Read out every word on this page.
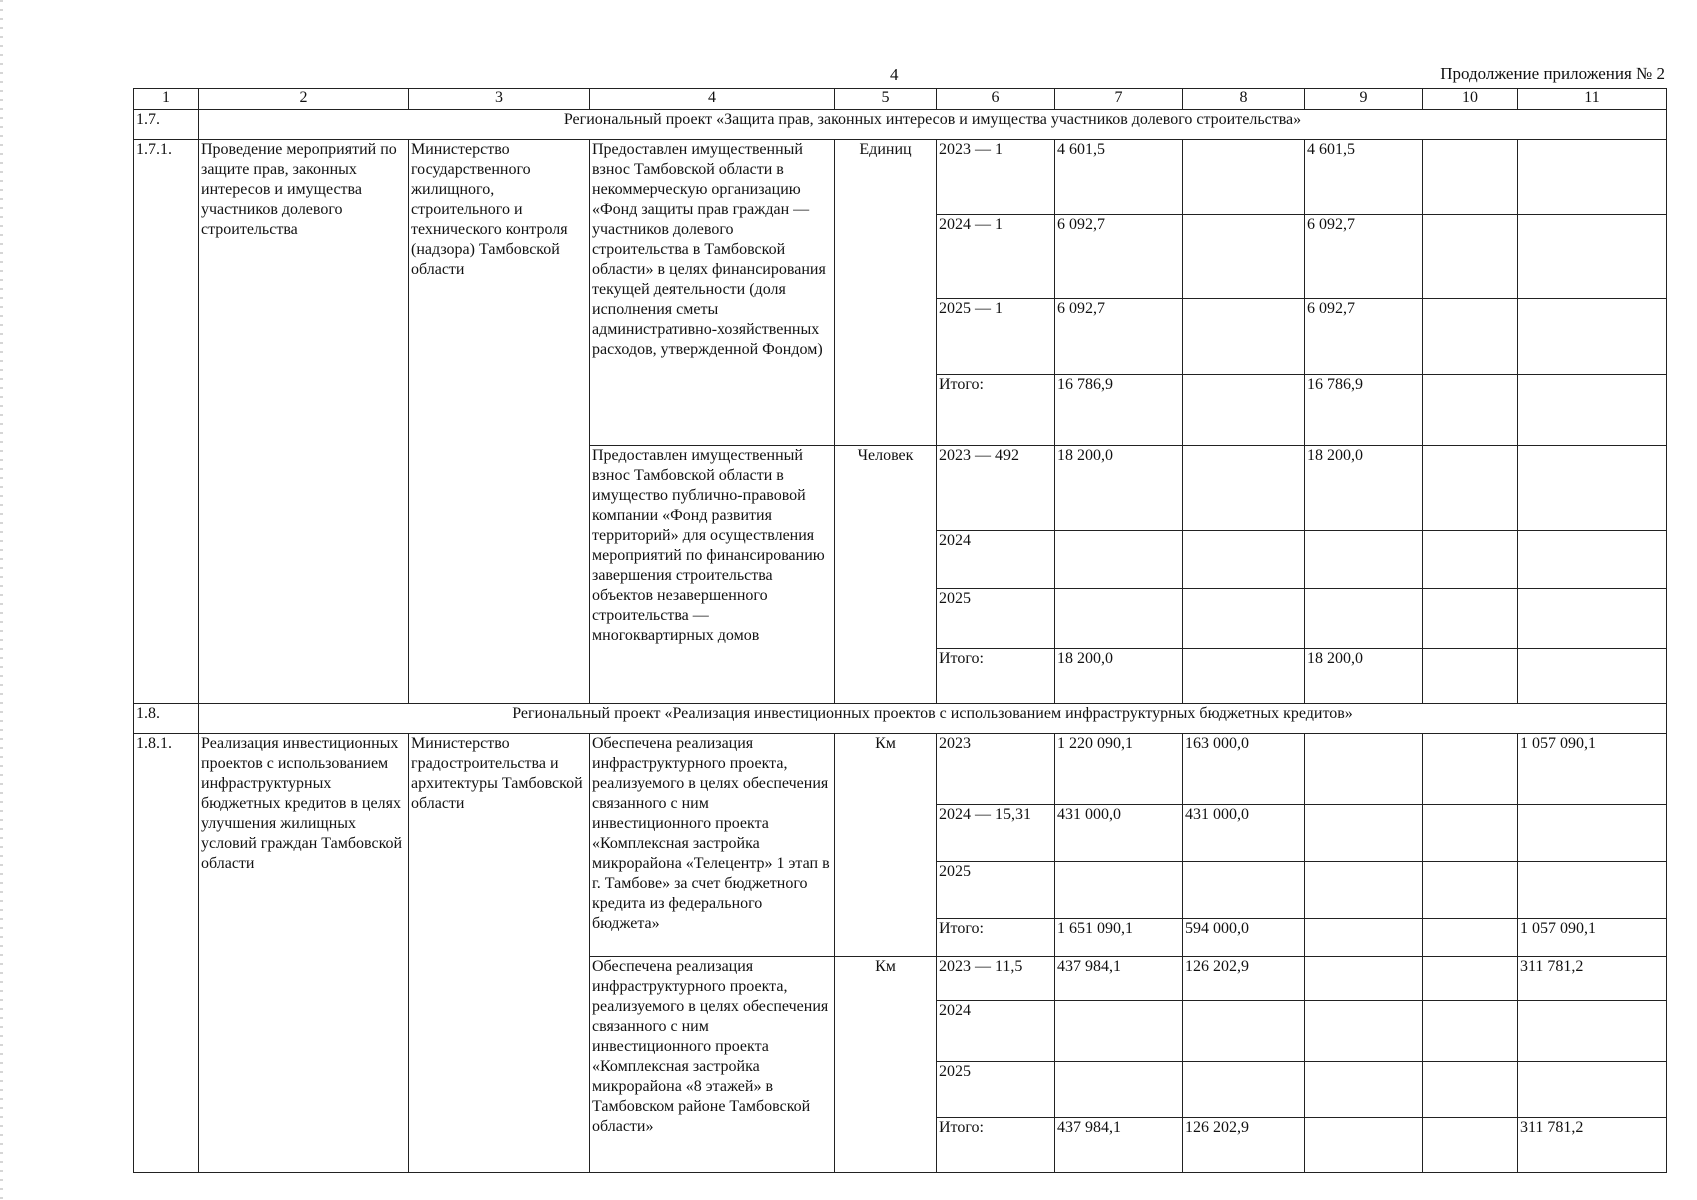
4	Продолжение приложения № 2
1	2	3	4	5	6	7	8	9	10	11
1.7.	Региональный проект «Защита прав, законных интересов и имущества участников долевого строительства»									
1.7.1.	Проведение мероприятий по защите прав, законных интересов и имущества участников долевого строительства	Министерство государственного жилищного, строительного и технического контроля (надзора) Тамбовской области	Предоставлен имущественный взнос Тамбовской области в некоммерческую организацию «Фонд защиты прав граждан — участников долевого строительства в Тамбовской области» в целях финансирования текущей деятельности (доля исполнения сметы административно-хозяйственных расходов, утвержденной Фондом)	Единиц	2023 — 1	4 601,5		4 601,5		
					2024 — 1	6 092,7		6 092,7		
					2025 — 1	6 092,7		6 092,7		
					Итого:	16 786,9		16 786,9		
			Предоставлен имущественный взнос Тамбовской области в имущество публично-правовой компании «Фонд развития территорий» для осуществления мероприятий по финансированию завершения строительства объектов незавершенного строительства — многоквартирных домов	Человек	2023 — 492	18 200,0		18 200,0		
					2024					
					2025					
					Итого:	18 200,0		18 200,0		
1.8.	Региональный проект «Реализация инвестиционных проектов с использованием инфраструктурных бюджетных кредитов»									
1.8.1.	Реализация инвестиционных проектов с использованием инфраструктурных бюджетных кредитов в целях улучшения жилищных условий граждан Тамбовской области	Министерство градостроительства и архитектуры Тамбовской области	Обеспечена реализация инфраструктурного проекта, реализуемого в целях обеспечения связанного с ним инвестиционного проекта «Комплексная застройка микрорайона «Телецентр» 1 этап в г. Тамбове» за счет бюджетного кредита из федерального бюджета»	Км	2023	1 220 090,1	163 000,0			1 057 090,1
					2024 — 15,31	431 000,0	431 000,0			
					2025					
					Итого:	1 651 090,1	594 000,0			1 057 090,1
			Обеспечена реализация инфраструктурного проекта, реализуемого в целях обеспечения связанного с ним инвестиционного проекта «Комплексная застройка микрорайона «8 этажей» в Тамбовском районе Тамбовской области»	Км	2023 — 11,5	437 984,1	126 202,9			311 781,2
					2024					
					2025					
					Итого:	437 984,1	126 202,9			311 781,2
